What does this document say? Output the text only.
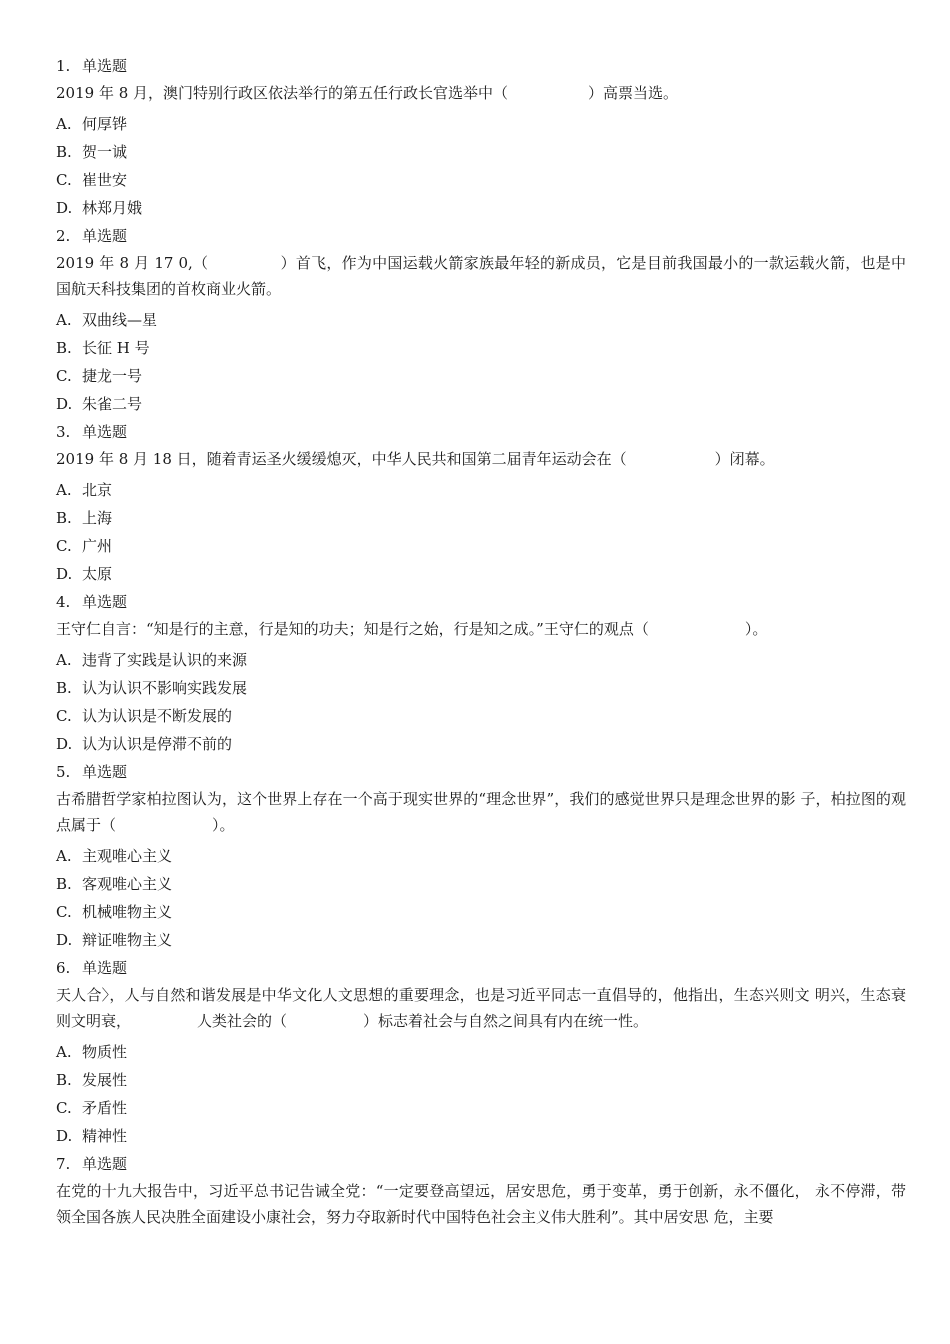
1. 单选题
2019 年 8 月，澳门特别行政区依法举行的第五任行政长官选举中（	）高票当选。
A. 何厚铧
B. 贺一诚
C. 崔世安
D. 林郑月娥
2. 单选题
2019 年 8 月 17 0,（	）首飞，作为中国运载火箭家族最年轻的新成员，它是目前我国最小的一款运载火箭，也是中国航天科技集团的首枚商业火箭。
A. 双曲线—星
B. 长征 H 号
C. 捷龙一号
D. 朱雀二号
3. 单选题
2019 年 8 月 18 日，随着青运圣火缓缓熄灭，中华人民共和国第二届青年运动会在（	）闭幕。
A. 北京
B. 上海
C. 广州
D. 太原
4. 单选题
王守仁自言：“知是行的主意，行是知的功夫；知是行之始，行是知之成。”王守仁的观点（	）。
A. 违背了实践是认识的来源
B. 认为认识不影响实践发展
C. 认为认识是不断发展的
D. 认为认识是停滞不前的
5. 单选题
古希腊哲学家柏拉图认为，这个世界上存在一个高于现实世界的“理念世界”，我们的感觉世界只是理念世界的影 子，柏拉图的观点属于（	）。
A. 主观唯心主义
B. 客观唯心主义
C. 机械唯物主义
D. 辩证唯物主义
6. 单选题
天人合〉，人与自然和谐发展是中华文化人文思想的重要理念，也是习近平同志一直倡导的，他指出，生态兴则文 明兴，生态衰则文明衰，	人类社会的（	）标志着社会与自然之间具有内在统一性。
A. 物质性
B. 发展性
C. 矛盾性
D. 精神性
7. 单选题
在党的十九大报告中，习近平总书记告诫全党：“一定要登高望远，居安思危，勇于变革，勇于创新，永不僵化， 永不停滞，带领全国各族人民决胜全面建设小康社会，努力夺取新时代中国特色社会主义伟大胜利”。其中居安思 危，主要
